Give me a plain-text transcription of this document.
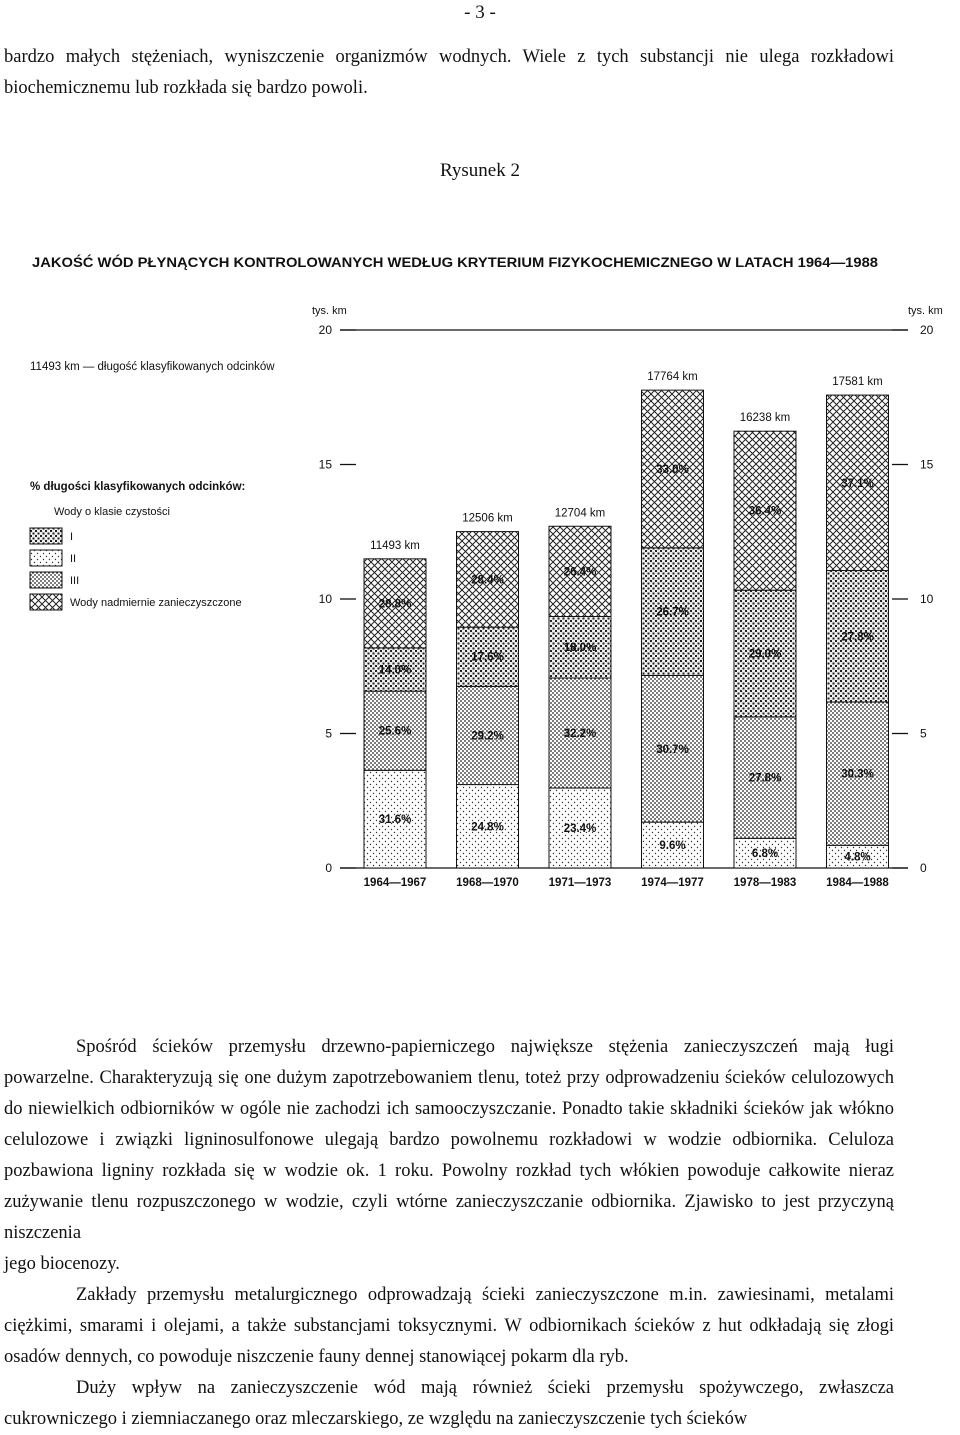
- 3 -

bardzo małych stężeniach, wyniszczenie organizmów wodnych. Wiele z tych substancji nie ulega rozkładowi biochemicznemu lub rozkłada się bardzo powoli.

Rysunek 2
JAKOŚĆ WÓD PŁYNĄCYCH KONTROLOWANYCH WEDŁUG KRYTERIUM FIZYKOCHEMICZNEGO W LATACH 1964—1988
tys. km	tys. km
0	0
5	5
10	10
15	15
20	20
31.6%
25.6%
14.0%
28.8%
11493 km
1964—1967
24.8%
29.2%
17.6%
28.4%
12506 km
1968—1970
23.4%
32.2%
18.0%
26.4%
12704 km
1971—1973
9.6%
30.7%
26.7%
33.0%
17764 km
1974—1977
6.8%
27.8%
29.0%
36.4%
16238 km
1978—1983
4.8%
30.3%
27.8%
37.1%
17581 km
1984—1988
11493 km — długość klasyfikowanych odcinków
% długości klasyfikowanych odcinków:
Wody o klasie czystości
I
II
III
Wody nadmiernie zanieczyszczone

Spośród ścieków przemysłu drzewno-papierniczego największe stężenia zanieczyszczeń mają ługi powarzelne. Charakteryzują się one dużym zapotrzebowaniem tlenu, toteż przy odprowadzeniu ścieków celulozowych do niewielkich odbiorników w ogóle nie zachodzi ich samooczyszczanie. Ponadto takie składniki ścieków jak włókno celulozowe i związki ligninosulfonowe ulegają bardzo powolnemu rozkładowi w wodzie odbiornika. Celuloza pozbawiona ligniny rozkłada się w wodzie ok. 1 roku. Powolny rozkład tych włókien powoduje całkowite nieraz zużywanie tlenu rozpuszczonego w wodzie, czyli wtórne zanieczyszczanie odbiornika. Zjawisko to jest przyczyną niszczenia

jego biocenozy.

Zakłady przemysłu metalurgicznego odprowadzają ścieki zanieczyszczone m.in. zawiesinami, metalami ciężkimi, smarami i olejami, a także substancjami toksycznymi. W odbiornikach ścieków z hut odkładają się złogi osadów dennych, co powoduje niszczenie fauny dennej stanowiącej pokarm dla ryb.

Duży wpływ na zanieczyszczenie wód mają również ścieki przemysłu spożywczego, zwłaszcza cukrowniczego i ziemniaczanego oraz mleczarskiego, ze względu na zanieczyszczenie tych ścieków
